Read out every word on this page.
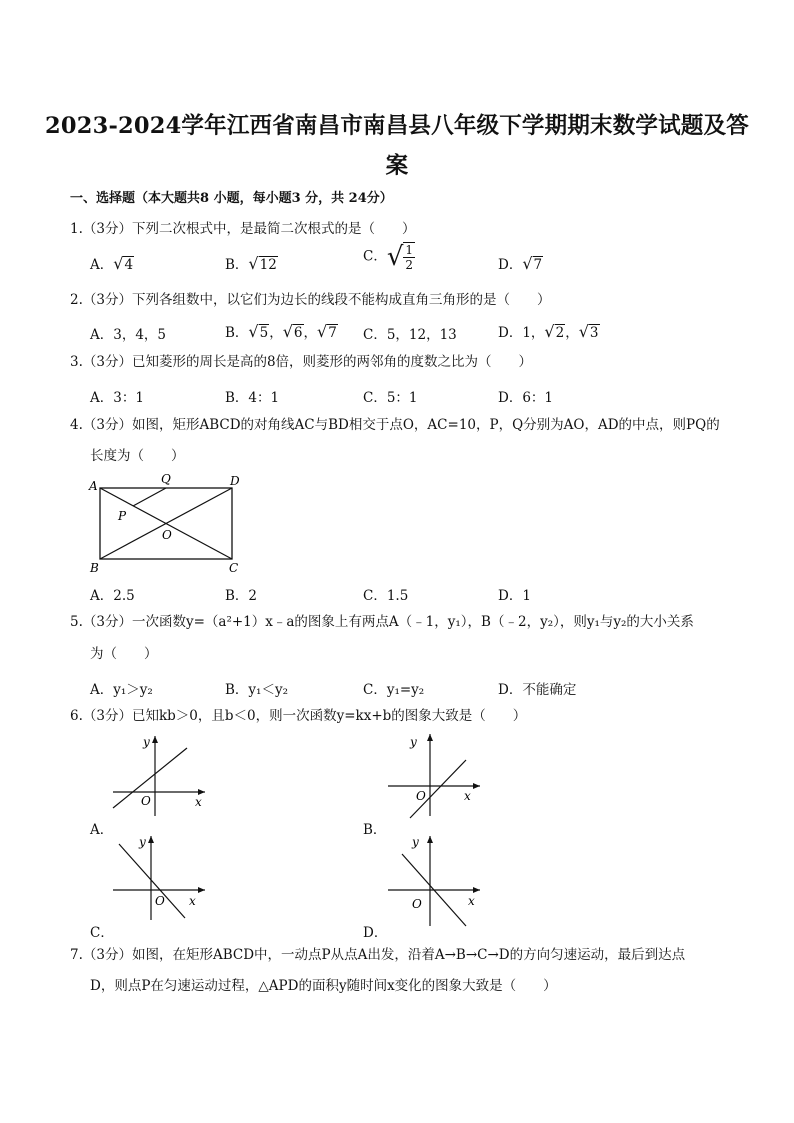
2023-2024学年江西省南昌市南昌县八年级下学期期末数学试题及答
案
一、选择题（本大题共8 小题，每小题3 分，共 24分）
1.（3分）下列二次根式中，是最简二次根式的是（　　）
A．√4	B．√12
C．√ $\frac{1}{2}$	D．√7
2.（3分）下列各组数中，以它们为边长的线段不能构成直角三角形的是（　　）
A．3，4，5	B．√5，√6，√7 C．5，12，13	D．1，√2，√3
3.（3分）已知菱形的周长是高的8倍，则菱形的两邻角的度数之比为（　　）
A．3：1	B．4：1	C．5：1	D．6：1
4.（3分）如图，矩形ABCD的对角线AC与BD相交于点O，AC=10，P，Q分别为AO，AD的中点，则PQ的
长度为（　　）
A	Q	D
P
O
B	C
A．2.5	B．2	C．1.5	D．1
5.（3分）一次函数y=（a²+1）x﹣a的图象上有两点A（﹣1，y₁），B（﹣2，y₂），则y₁与y₂的大小关系
为（　　）
A．y₁＞y₂	B．y₁＜y₂	C．y₁=y₂	D．不能确定
6.（3分）已知kb＞0，且b＜0，则一次函数y=kx+b的图象大致是（　　）
y
x
O
A．
y
x
O
B．
y
x
O
C．
y
x
O
D．
7.（3分）如图，在矩形ABCD中，一动点P从点A出发，沿着A→B→C→D的方向匀速运动，最后到达点
D，则点P在匀速运动过程，△APD的面积y随时间x变化的图象大致是（　　）
